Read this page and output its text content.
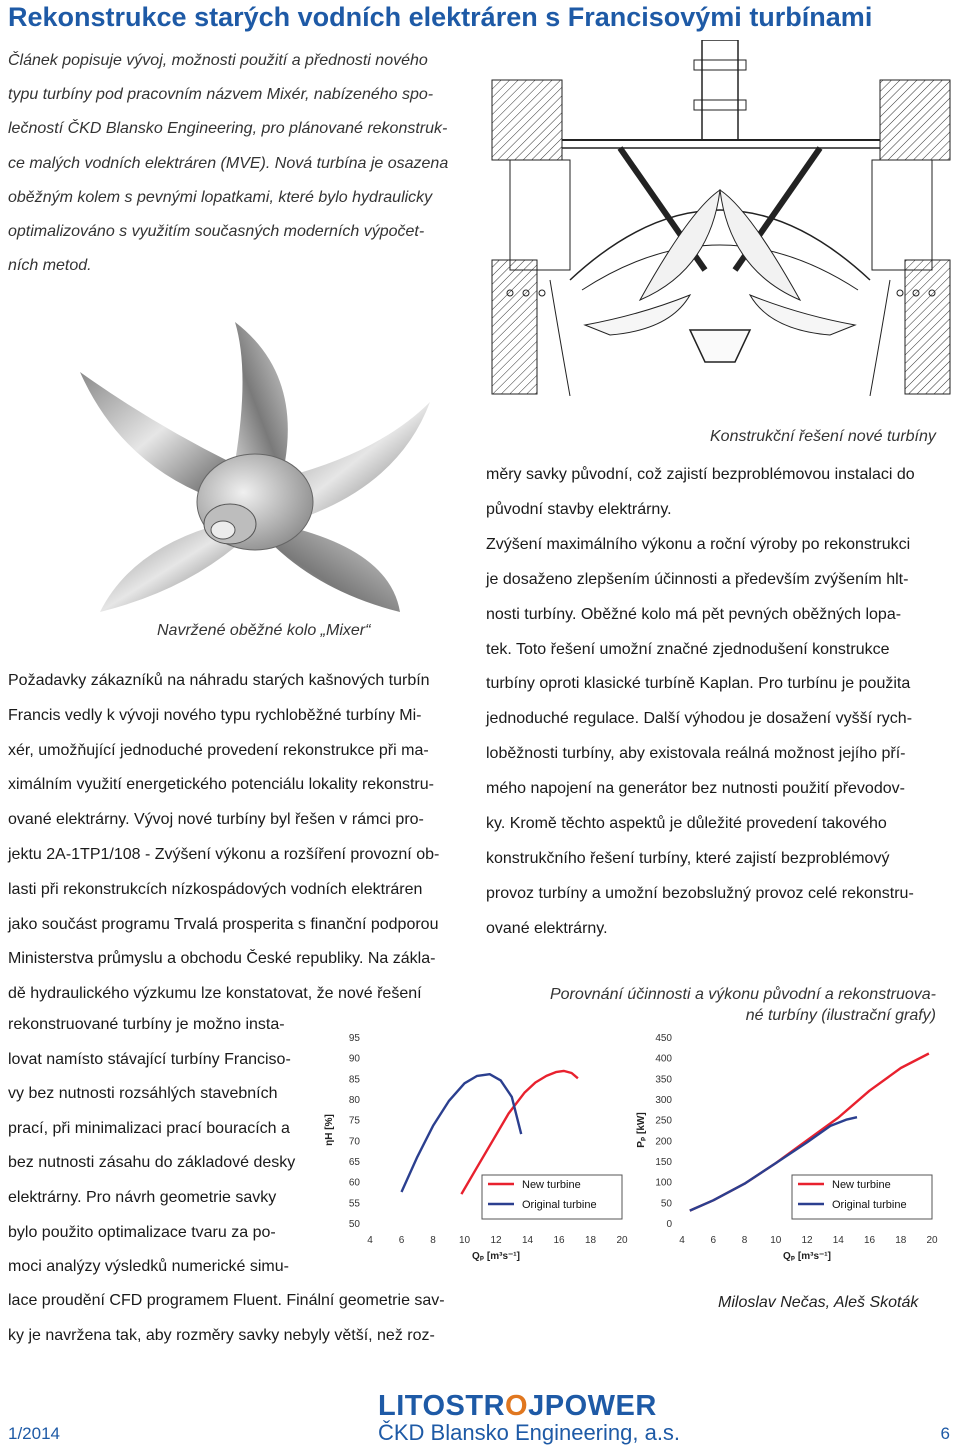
Rekonstrukce starých vodních elektráren s Francisovými turbínami
Článek popisuje vývoj, možnosti použití a přednosti nového
typu turbíny pod pracovním názvem Mixér, nabízeného spo-
lečností ČKD Blansko Engineering, pro plánované rekonstruk-
ce malých vodních elektráren (MVE). Nová turbína je osazena
oběžným kolem s pevnými lopatkami, které bylo hydraulicky
optimalizováno s využitím současných moderních výpočet-
ních metod.
Konstrukční řešení nové turbíny
Navržené oběžné kolo „Mixer“
Požadavky zákazníků na náhradu starých kašnových turbín
Francis vedly k vývoji nového typu rychloběžné turbíny Mi-
xér, umožňující jednoduché provedení rekonstrukce při ma-
ximálním využití energetického potenciálu lokality rekonstru-
ované elektrárny. Vývoj nové turbíny byl řešen v rámci pro-
jektu 2A-1TP1/108 - Zvýšení výkonu a rozšíření provozní ob-
lasti při rekonstrukcích nízkospádových vodních elektráren
jako součást programu Trvalá prosperita s finanční podporou
Ministerstva průmyslu a obchodu České republiky. Na zákla-
dě hydraulického výzkumu lze konstatovat, že nové řešení
rekonstruované turbíny je možno insta-
lovat namísto stávající turbíny Franciso-
vy bez nutnosti rozsáhlých stavebních
prací, při minimalizaci prací bouracích a
bez nutnosti zásahu do základové desky
elektrárny. Pro návrh geometrie savky
bylo použito optimalizace tvaru za po-
moci analýzy výsledků numerické simu-
lace proudění CFD programem Fluent. Finální geometrie sav-
ky je navržena tak, aby rozměry savky nebyly větší, než roz-
měry savky původní, což zajistí bezproblémovou instalaci do
původní stavby elektrárny.
Zvýšení maximálního výkonu a roční výroby po rekonstrukci
je dosaženo zlepšením účinnosti a především zvýšením hlt-
nosti turbíny. Oběžné kolo má pět pevných oběžných lopa-
tek. Toto řešení umožní značné zjednodušení konstrukce
turbíny oproti klasické turbíně Kaplan. Pro turbínu je použita
jednoduché regulace. Další výhodou je dosažení vyšší rych-
loběžnosti turbíny, aby existovala reálná možnost jejího pří-
mého napojení na generátor bez nutnosti použití převodov-
ky. Kromě těchto aspektů je důležité provedení takového
konstrukčního řešení turbíny, které zajistí bezproblémový
provoz turbíny a umožní bezobslužný provoz celé rekonstru-
ované elektrárny.
Porovnání účinnosti a výkonu původní a rekonstruova-
né turbíny (ilustrační grafy)
50
55
60
65
70
75
80
85
90
95
4	6	8 10 12 14 16 18 20
Qₚ [m³s⁻¹]
ηH [%]
New turbine
Original turbine
0
50
100
150
200
250
300
350
400
450
4	6	8 10 12 14 16 18 20
Qₚ [m³s⁻¹]
Pₚ [kW]
New turbine
Original turbine
Miloslav Nečas, Aleš Skoták
LITOSTROJPOWER
ČKD Blansko Engineering, a.s.
1/2014	6
